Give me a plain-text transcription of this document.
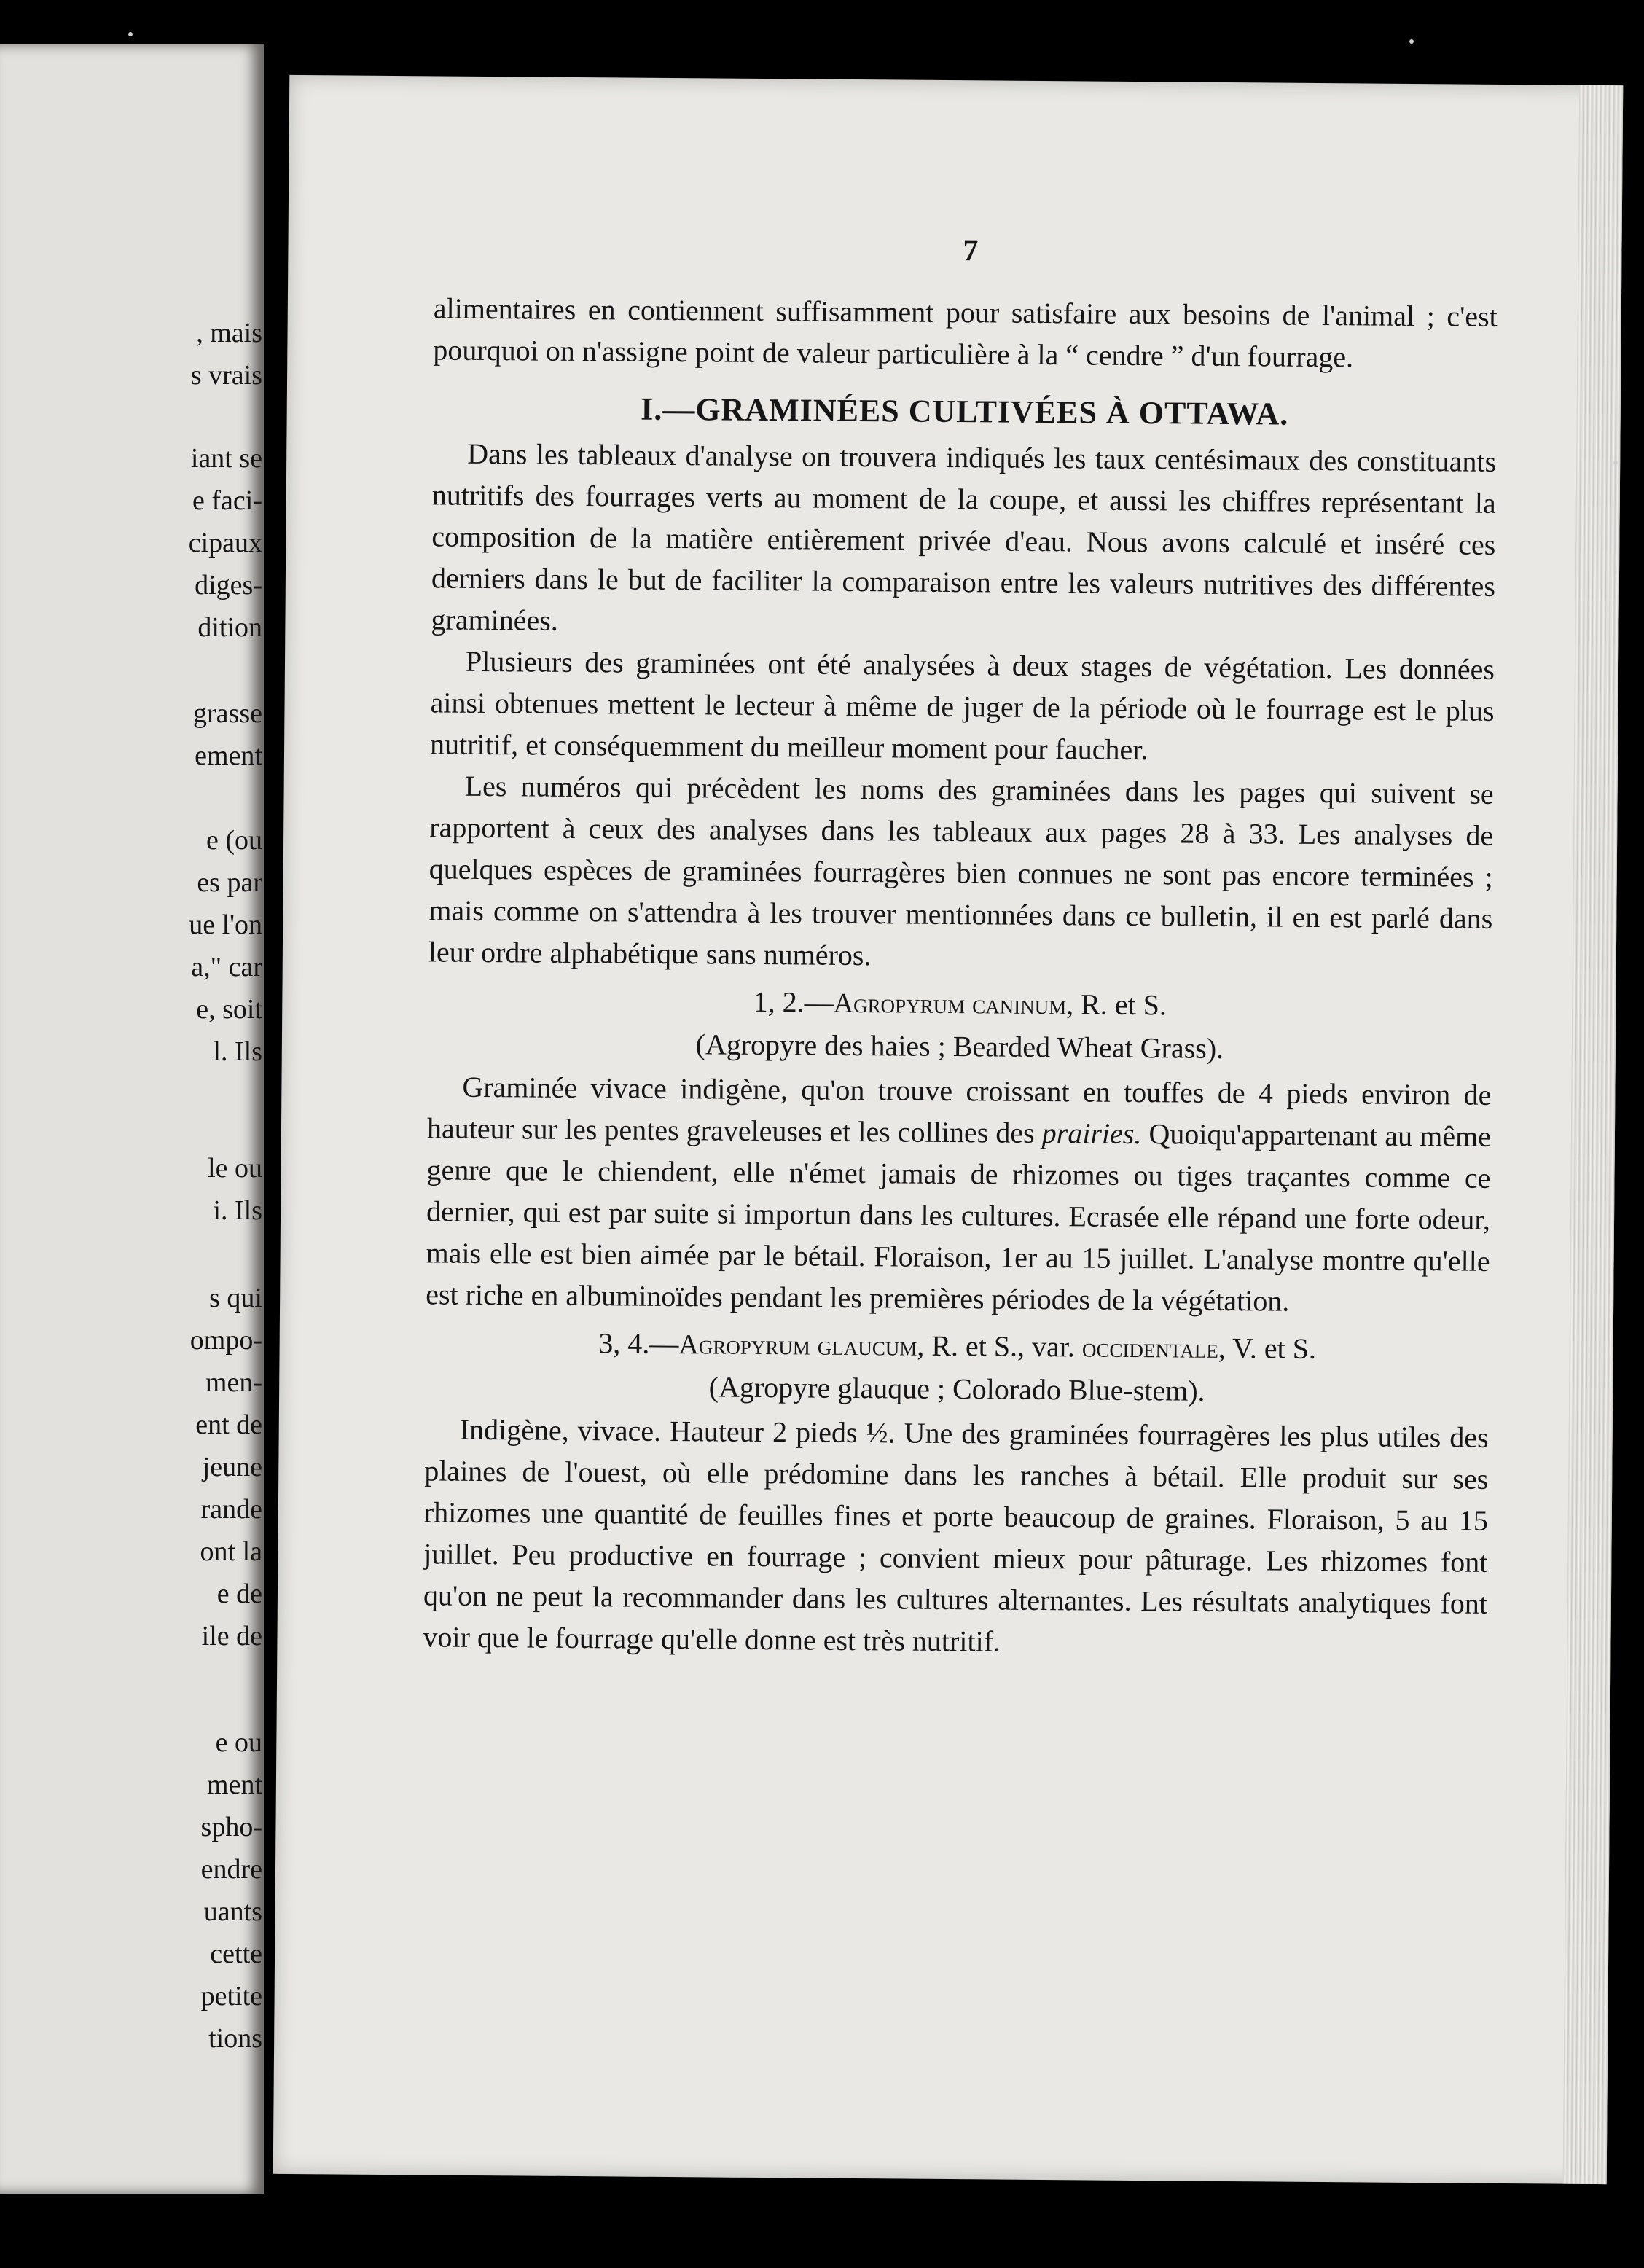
, mais

s vrais

iant se

e faci-

cipaux

diges-

dition

grasse

ement

e (ou

es par

ue l'on

a," car

e, soit

l. Ils

le ou

i. Ils

s qui

ompo-

men-

ent de

jeune

rande

ont la

e de

ile de

e ou

ment

spho-

endre

uants

cette

petite

tions

7

alimentaires en contiennent suffisamment pour satisfaire aux besoins de l'animal ; c'est pourquoi on n'assigne point de valeur particulière à la “ cendre ” d'un fourrage.

I.—GRAMINÉES CULTIVÉES À OTTAWA.

Dans les tableaux d'analyse on trouvera indiqués les taux centésimaux des constituants nutritifs des fourrages verts au moment de la coupe, et aussi les chiffres représentant la composition de la matière entièrement privée d'eau. Nous avons calculé et inséré ces derniers dans le but de faciliter la comparaison entre les valeurs nutritives des différentes graminées.

Plusieurs des graminées ont été analysées à deux stages de végétation. Les données ainsi obtenues mettent le lecteur à même de juger de la période où le fourrage est le plus nutritif, et conséquemment du meilleur moment pour faucher.

Les numéros qui précèdent les noms des graminées dans les pages qui suivent se rapportent à ceux des analyses dans les tableaux aux pages 28 à 33. Les analyses de quelques espèces de graminées fourragères bien connues ne sont pas encore terminées ; mais comme on s'attendra à les trouver mentionnées dans ce bulletin, il en est parlé dans leur ordre alphabétique sans numéros.

1, 2.—Agropyrum caninum, R. et S.

(Agropyre des haies ; Bearded Wheat Grass).

Graminée vivace indigène, qu'on trouve croissant en touffes de 4 pieds environ de hauteur sur les pentes graveleuses et les collines des prairies. Quoiqu'appartenant au même genre que le chiendent, elle n'émet jamais de rhizomes ou tiges traçantes comme ce dernier, qui est par suite si importun dans les cultures. Ecrasée elle répand une forte odeur, mais elle est bien aimée par le bétail. Floraison, 1er au 15 juillet. L'analyse montre qu'elle est riche en albuminoïdes pendant les premières périodes de la végétation.

3, 4.—Agropyrum glaucum, R. et S., var. occidentale, V. et S.

(Agropyre glauque ; Colorado Blue-stem).

Indigène, vivace. Hauteur 2 pieds ½. Une des graminées fourragères les plus utiles des plaines de l'ouest, où elle prédomine dans les ranches à bétail. Elle produit sur ses rhizomes une quantité de feuilles fines et porte beaucoup de graines. Floraison, 5 au 15 juillet. Peu productive en fourrage ; convient mieux pour pâturage. Les rhizomes font qu'on ne peut la recommander dans les cultures alternantes. Les résultats analytiques font voir que le fourrage qu'elle donne est très nutritif.
